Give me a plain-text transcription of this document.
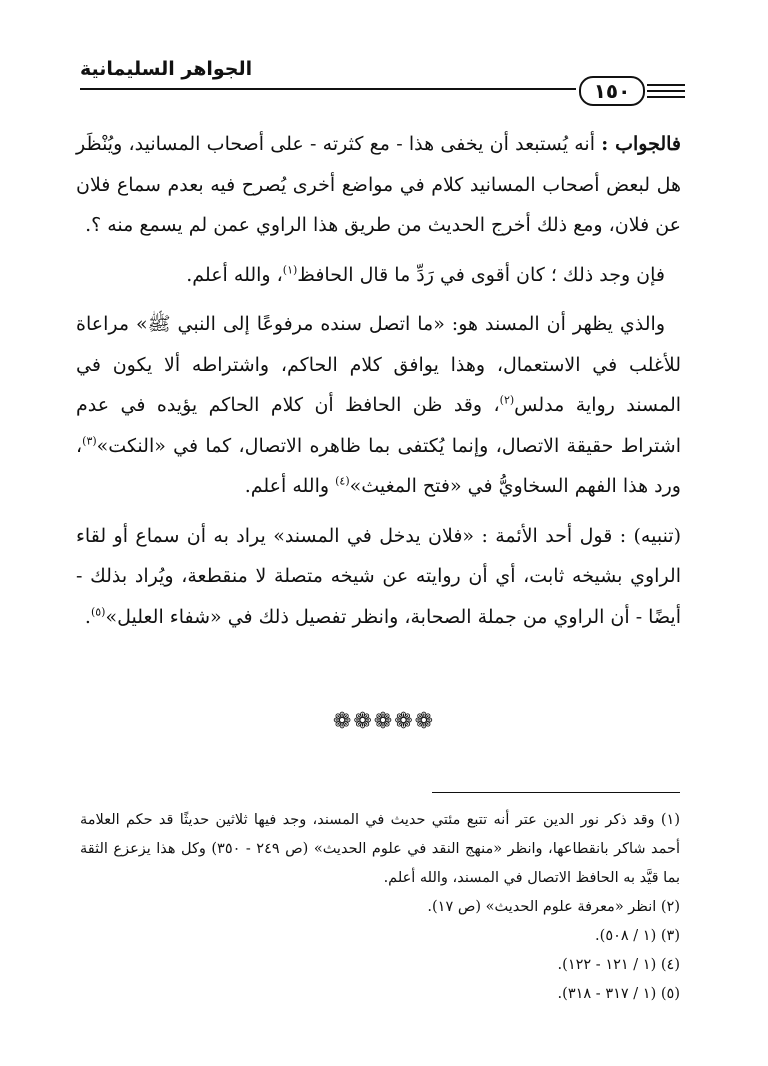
الجواهر السليمانية
١٥٠

فالجواب : أنه يُستبعد أن يخفى هذا - مع كثرته - على أصحاب المسانيد، ويُنْظَر هل لبعض أصحاب المسانيد كلام في مواضع أخرى يُصرح فيه بعدم سماع فلان عن فلان، ومع ذلك أخرج الحديث من طريق هذا الراوي عمن لم يسمع منه ؟.

فإن وجد ذلك ؛ كان أقوى في رَدِّ ما قال الحافظ$^{(١)}$، والله أعلم.

والذي يظهر أن المسند هو: «ما اتصل سنده مرفوعًا إلى النبي ﷺ» مراعاة للأغلب في الاستعمال، وهذا يوافق كلام الحاكم، واشتراطه ألا يكون في المسند رواية مدلس$^{(٢)}$، وقد ظن الحافظ أن كلام الحاكم يؤيده في عدم اشتراط حقيقة الاتصال، وإنما يُكتفى بما ظاهره الاتصال، كما في «النكت»$^{(٣)}$، ورد هذا الفهم السخاويُّ في «فتح المغيث»$^{(٤)}$ والله أعلم.

(تنبيه) : قول أحد الأئمة : «فلان يدخل في المسند» يراد به أن سماع أو لقاء الراوي بشيخه ثابت، أي أن روايته عن شيخه متصلة لا منقطعة، ويُراد بذلك - أيضًا - أن الراوي من جملة الصحابة، وانظر تفصيل ذلك في «شفاء العليل»$^{(٥)}$.

❁❁❁❁❁

(١) وقد ذكر نور الدين عتر أنه تتبع مئتي حديث في المسند، وجد فيها ثلاثين حديثًا قد حكم العلامة أحمد شاكر بانقطاعها، وانظر «منهج النقد في علوم الحديث» (ص ٢٤٩ - ٣٥٠) وكل هذا يزعزع الثقة بما قيَّد به الحافظ الاتصال في المسند، والله أعلم.

(٢) انظر «معرفة علوم الحديث» (ص ١٧).

(٣) (١ / ٥٠٨).

(٤) (١ / ١٢١ - ١٢٢).

(٥) (١ / ٣١٧ - ٣١٨).
